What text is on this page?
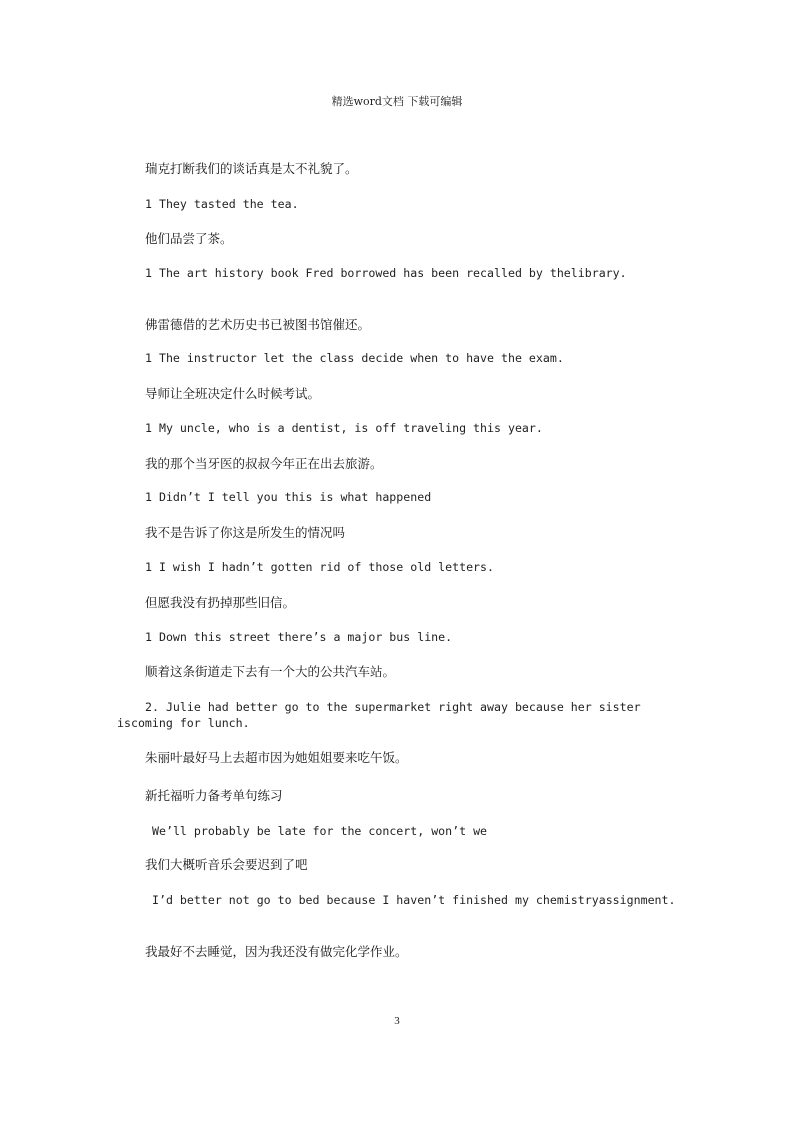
精选word文档 下载可编辑
瑞克打断我们的谈话真是太不礼貌了。
1 They tasted the tea.
他们品尝了茶。
1 The art history book Fred borrowed has been recalled by thelibrary.
佛雷德借的艺术历史书已被图书馆催还。
1 The instructor let the class decide when to have the exam.
导师让全班决定什么时候考试。
1 My uncle, who is a dentist, is off traveling this year.
我的那个当牙医的叔叔今年正在出去旅游。
1 Didn’t I tell you this is what happened
我不是告诉了你这是所发生的情况吗
1 I wish I hadn’t gotten rid of those old letters.
但愿我没有扔掉那些旧信。
1 Down this street there’s a major bus line.
顺着这条街道走下去有一个大的公共汽车站。
2. Julie had better go to the supermarket right away because her sister iscoming for lunch.
朱丽叶最好马上去超市因为她姐姐要来吃午饭。
新托福听力备考单句练习
We’ll probably be late for the concert, won’t we
我们大概听音乐会要迟到了吧
I’d better not go to bed because I haven’t finished my chemistryassignment.
我最好不去睡觉，因为我还没有做完化学作业。
3
